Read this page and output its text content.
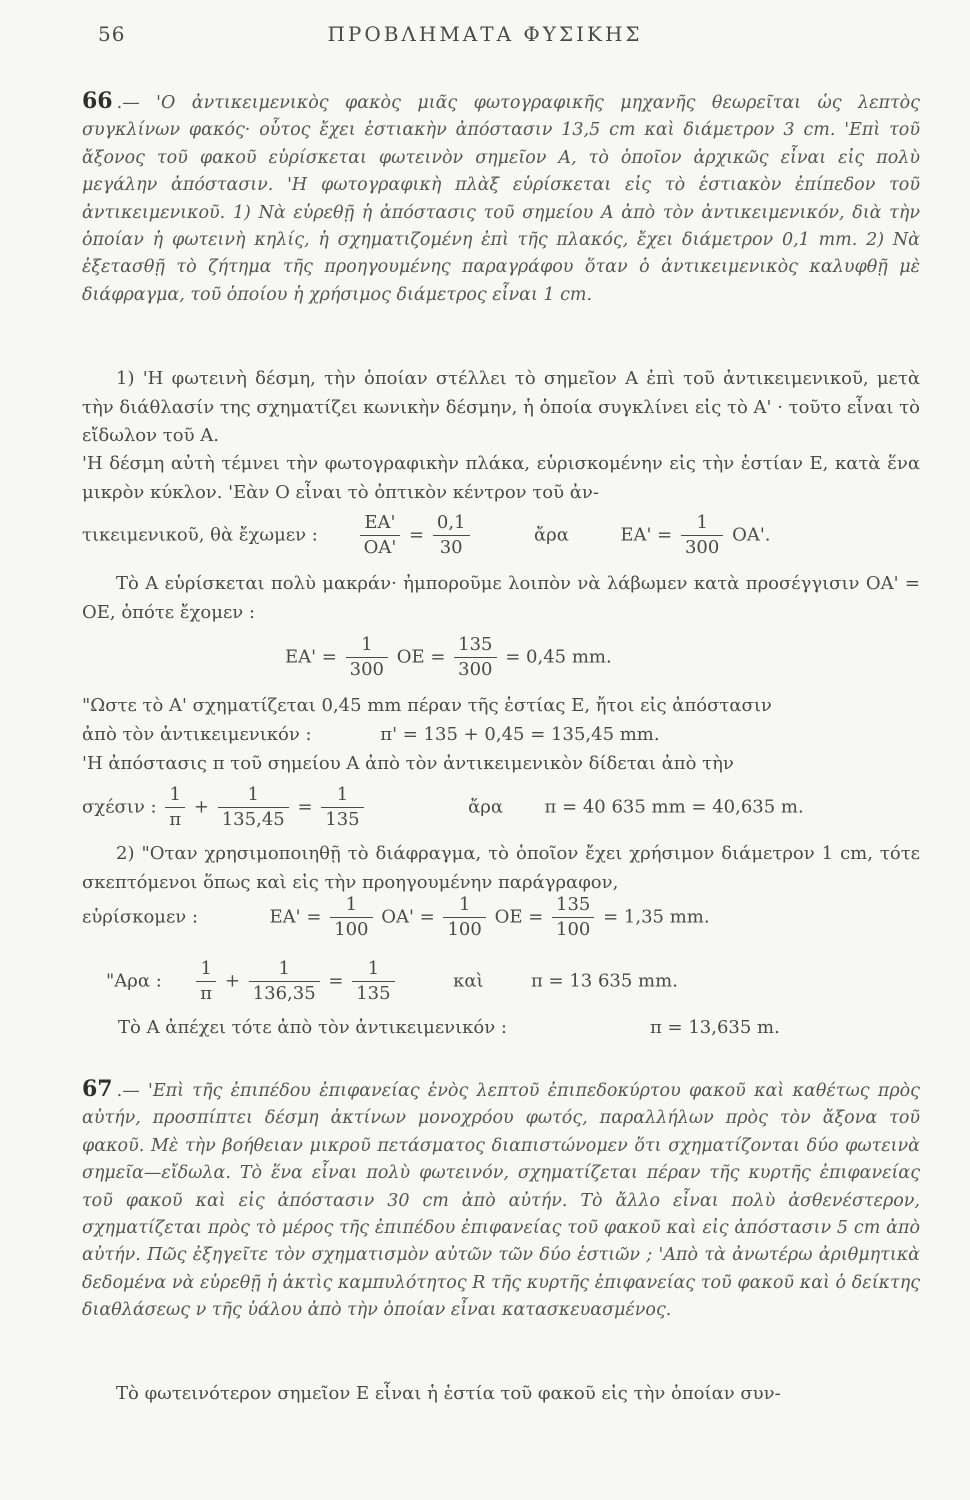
56	ΠΡΟΒΛΗΜΑΤΑ ΦΥΣΙΚΗΣ
66 .— 'Ο ἀντικειμενικὸς φακὸς μιᾶς φωτογραφικῆς μηχανῆς θεωρεῖται ὡς λεπτὸς συγκλίνων φακός· οὗτος ἔχει ἑστιακὴν ἀπόστασιν 13,5 cm καὶ διάμετρον 3 cm. 'Επὶ τοῦ ἄξονος τοῦ φακοῦ εὑρίσκεται φωτεινὸν σημεῖον Α, τὸ ὁποῖον ἀρχικῶς εἶναι εἰς πολὺ μεγάλην ἀπόστασιν. 'Η φωτογραφικὴ πλὰξ εὑρίσκεται εἰς τὸ ἑστιακὸν ἐπίπεδον τοῦ ἀντικειμενικοῦ. 1) Νὰ εὑρεθῇ ἡ ἀπόστασις τοῦ σημείου Α ἀπὸ τὸν ἀντικειμενικόν, διὰ τὴν ὁποίαν ἡ φωτεινὴ κηλίς, ἡ σχηματιζομένη ἐπὶ τῆς πλακός, ἔχει διάμετρον 0,1 mm. 2) Νὰ ἐξετασθῇ τὸ ζήτημα τῆς προηγουμένης παραγράφου ὅταν ὁ ἀντικειμενικὸς καλυφθῇ μὲ διάφραγμα, τοῦ ὁποίου ἡ χρήσιμος διάμετρος εἶναι 1 cm.
1) 'Η φωτεινὴ δέσμη, τὴν ὁποίαν στέλλει τὸ σημεῖον Α ἐπὶ τοῦ ἀντικειμενικοῦ, μετὰ τὴν διάθλασίν της σχηματίζει κωνικὴν δέσμην, ἡ ὁποία συγκλίνει εἰς τὸ Α' · τοῦτο εἶναι τὸ εἴδωλον τοῦ Α.
'Η δέσμη αὐτὴ τέμνει τὴν φωτογραφικὴν πλάκα, εὑρισκομένην εἰς τὴν ἑστίαν Ε, κατὰ ἕνα μικρὸν κύκλον. 'Εὰν Ο εἶναι τὸ ὀπτικὸν κέντρον τοῦ ἀν-
τικειμενικοῦ, θὰ ἔχωμεν : $\frac{EA'}{OA'} = \frac{0,1}{30}$	ἄρα	$EA' = \frac{1}{300} OA'$.
Τὸ Α εὑρίσκεται πολὺ μακράν· ἠμποροῦμε λοιπὸν νὰ λάβωμεν κατὰ προσέγγισιν ΟΑ' = ΟΕ, ὁπότε ἔχομεν :
$EA' = \frac{1}{300}$ $OE = \frac{135}{300} = 0,45$ mm.
"Ωστε τὸ Α' σχηματίζεται 0,45 mm πέραν τῆς ἑστίας Ε, ἤτοι εἰς ἀπόστασιν
ἀπὸ τὸν ἀντικειμενικόν :            π' = 135 + 0,45 = 135,45 mm.
'Η ἀπόστασις π τοῦ σημείου Α ἀπὸ τὸν ἀντικειμενικὸν δίδεται ἀπὸ τὴν
σχέσιν : $\frac{1}{\pi} + \frac{1}{135,45} = \frac{1}{135}$	ἄρα π = 40 635 mm = 40,635 m.
2) "Οταν χρησιμοποιηθῇ τὸ διάφραγμα, τὸ ὁποῖον ἔχει χρήσιμον διάμετρον 1 cm, τότε σκεπτόμενοι ὅπως καὶ εἰς τὴν προηγουμένην παράγραφον,
εὑρίσκομεν :	$EA' = \frac{1}{100} OA' = \frac{1}{100}$ $OE = \frac{135}{100} = 1,35$ mm.
"Αρα : $\frac{1}{\pi} + \frac{1}{136,35} = \frac{1}{135}$	καὶ	π = 13 635 mm.
Τὸ Α ἀπέχει τότε ἀπὸ τὸν ἀντικειμενικόν :	π = 13,635 m.
67 .— 'Επὶ τῆς ἐπιπέδου ἐπιφανείας ἑνὸς λεπτοῦ ἐπιπεδοκύρτου φακοῦ καὶ καθέτως πρὸς αὐτήν, προσπίπτει δέσμη ἀκτίνων μονοχρόου φωτός, παραλλήλων πρὸς τὸν ἄξονα τοῦ φακοῦ. Μὲ τὴν βοήθειαν μικροῦ πετάσματος διαπιστώνομεν ὅτι σχηματίζονται δύο φωτεινὰ σημεῖα—εἴδωλα. Τὸ ἕνα εἶναι πολὺ φωτεινόν, σχηματίζεται πέραν τῆς κυρτῆς ἐπιφανείας τοῦ φακοῦ καὶ εἰς ἀπόστασιν 30 cm ἀπὸ αὐτήν. Τὸ ἄλλο εἶναι πολὺ ἀσθενέστερον, σχηματίζεται πρὸς τὸ μέρος τῆς ἐπιπέδου ἐπιφανείας τοῦ φακοῦ καὶ εἰς ἀπόστασιν 5 cm ἀπὸ αὐτήν. Πῶς ἐξηγεῖτε τὸν σχηματισμὸν αὐτῶν τῶν δύο ἑστιῶν ; 'Απὸ τὰ ἀνωτέρω ἀριθμητικὰ δεδομένα νὰ εὑρεθῇ ἡ ἀκτὶς καμπυλότητος R τῆς κυρτῆς ἐπιφανείας τοῦ φακοῦ καὶ ὁ δείκτης διαθλάσεως ν τῆς ὑάλου ἀπὸ τὴν ὁποίαν εἶναι κατασκευασμένος.
Τὸ φωτεινότερον σημεῖον Ε εἶναι ἡ ἑστία τοῦ φακοῦ εἰς τὴν ὁποίαν συν-
